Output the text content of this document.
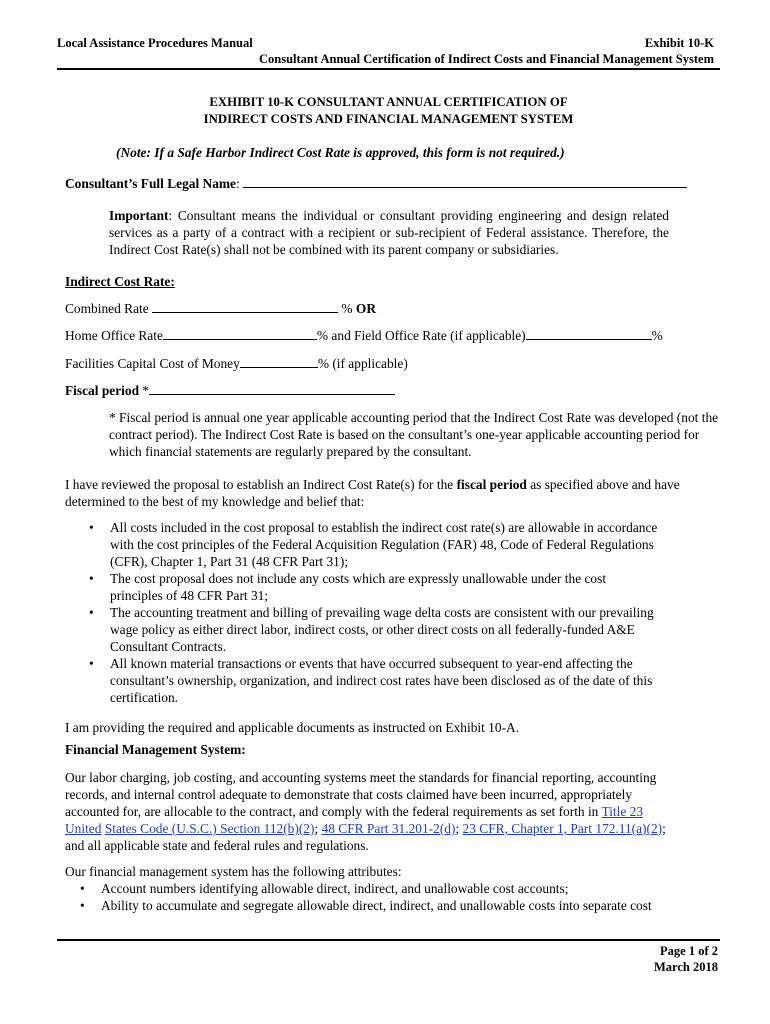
Local Assistance Procedures Manual	Exhibit 10-K
Consultant Annual Certification of Indirect Costs and Financial Management System
EXHIBIT 10-K CONSULTANT ANNUAL CERTIFICATION OF
INDIRECT COSTS AND FINANCIAL MANAGEMENT SYSTEM
(Note: If a Safe Harbor Indirect Cost Rate is approved, this form is not required.)
Consultant’s Full Legal Name:
Important: Consultant means the individual or consultant providing engineering and design related services as a party of a contract with a recipient or sub-recipient of Federal assistance. Therefore, the Indirect Cost Rate(s) shall not be combined with its parent company or subsidiaries.
Indirect Cost Rate:
Combined Rate	% OR
Home Office Rate	% and Field Office Rate (if applicable)	%
Facilities Capital Cost of Money	% (if applicable)
Fiscal period *
* Fiscal period is annual one year applicable accounting period that the Indirect Cost Rate was developed (not the contract period). The Indirect Cost Rate is based on the consultant’s one-year applicable accounting period for which financial statements are regularly prepared by the consultant.
I have reviewed the proposal to establish an Indirect Cost Rate(s) for the fiscal period as specified above and have determined to the best of my knowledge and belief that:
• All costs included in the cost proposal to establish the indirect cost rate(s) are allowable in accordance with the cost principles of the Federal Acquisition Regulation (FAR) 48, Code of Federal Regulations (CFR), Chapter 1, Part 31 (48 CFR Part 31);
• The cost proposal does not include any costs which are expressly unallowable under the cost principles of 48 CFR Part 31;
• The accounting treatment and billing of prevailing wage delta costs are consistent with our prevailing wage policy as either direct labor, indirect costs, or other direct costs on all federally-funded A&E Consultant Contracts.
• All known material transactions or events that have occurred subsequent to year-end affecting the consultant’s ownership, organization, and indirect cost rates have been disclosed as of the date of this certification.
I am providing the required and applicable documents as instructed on Exhibit 10-A.
Financial Management System:
Our labor charging, job costing, and accounting systems meet the standards for financial reporting, accounting records, and internal control adequate to demonstrate that costs claimed have been incurred, appropriately accounted for, are allocable to the contract, and comply with the federal requirements as set forth in Title 23 United States Code (U.S.C.) Section 112(b)(2); 48 CFR Part 31.201-2(d); 23 CFR, Chapter 1, Part 172.11(a)(2); and all applicable state and federal rules and regulations.
Our financial management system has the following attributes:
• Account numbers identifying allowable direct, indirect, and unallowable cost accounts;
• Ability to accumulate and segregate allowable direct, indirect, and unallowable costs into separate cost
Page 1 of 2
March 2018
